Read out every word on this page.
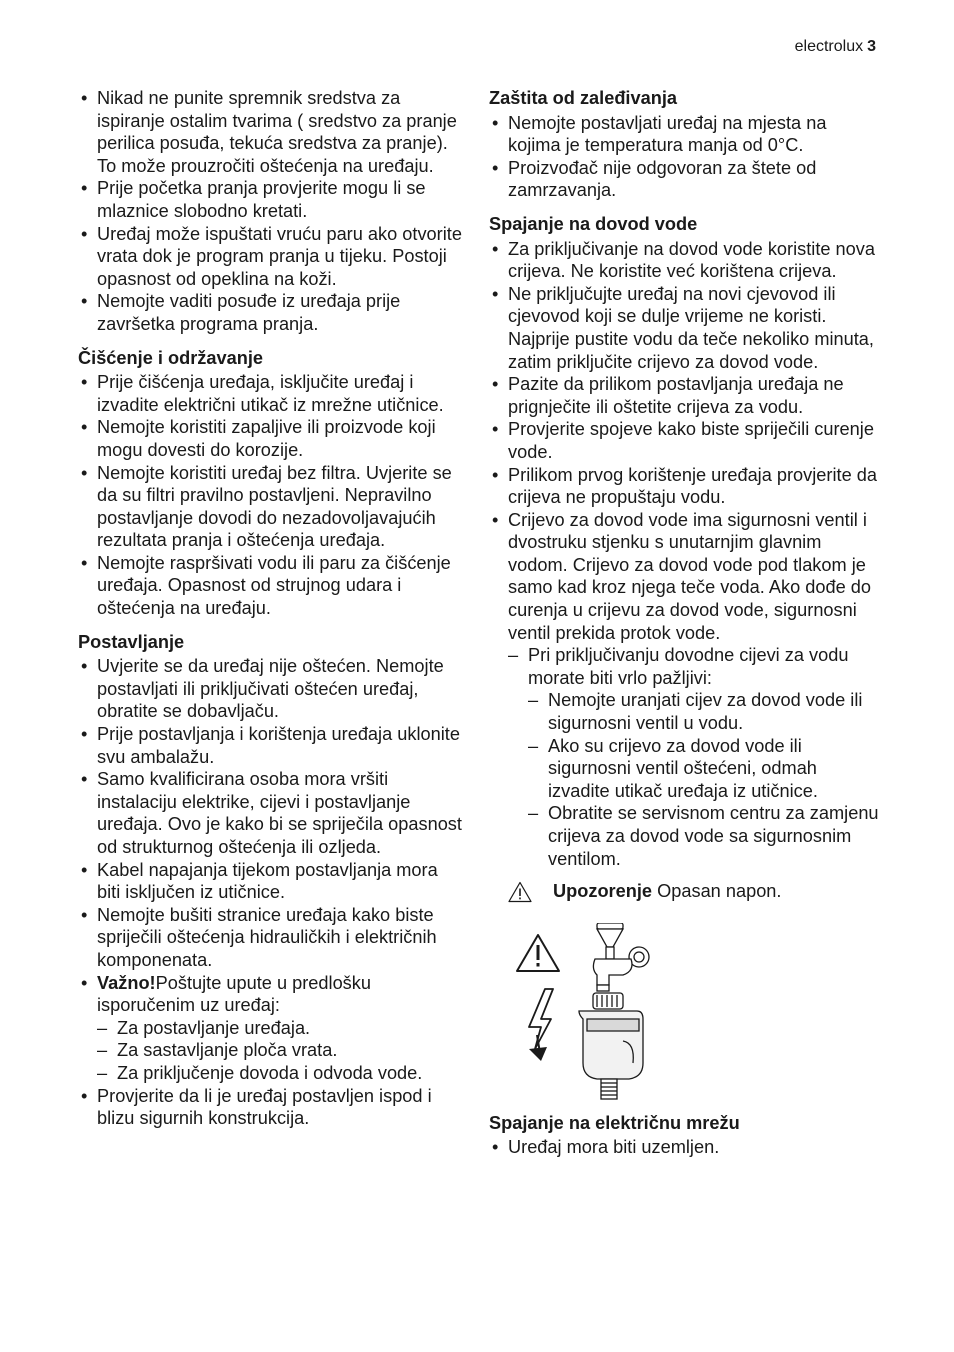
electrolux 3
• Nikad ne punite spremnik sredstva za ispiranje ostalim tvarima ( sredstvo za pranje perilica posuđa, tekuća sredstva za pranje). To može prouzročiti oštećenja na uređaju.
• Prije početka pranja provjerite mogu li se mlaznice slobodno kretati.
• Uređaj može ispuštati vruću paru ako otvorite vrata dok je program pranja u tijeku. Postoji opasnost od opeklina na koži.
• Nemojte vaditi posuđe iz uređaja prije završetka programa pranja.
Čišćenje i održavanje
• Prije čišćenja uređaja, isključite uređaj i izvadite električni utikač iz mrežne utičnice.
• Nemojte koristiti zapaljive ili proizvode koji mogu dovesti do korozije.
• Nemojte koristiti uređaj bez filtra. Uvjerite se da su filtri pravilno postavljeni. Nepravilno postavljanje dovodi do nezadovoljavajućih rezultata pranja i oštećenja uređaja.
• Nemojte raspršivati vodu ili paru za čišćenje uređaja. Opasnost od strujnog udara i oštećenja na uređaju.
Postavljanje
• Uvjerite se da uređaj nije oštećen. Nemojte postavljati ili priključivati oštećen uređaj, obratite se dobavljaču.
• Prije postavljanja i korištenja uređaja uklonite svu ambalažu.
• Samo kvalificirana osoba mora vršiti instalaciju elektrike, cijevi i postavljanje uređaja. Ovo je kako bi se spriječila opasnost od strukturnog oštećenja ili ozljeda.
• Kabel napajanja tijekom postavljanja mora biti isključen iz utičnice.
• Nemojte bušiti stranice uređaja kako biste spriječili oštećenja hidrauličkih i električnih komponenata.
• Važno!Poštujte upute u predlošku isporučenim uz uređaj:
– Za postavljanje uređaja.
– Za sastavljanje ploča vrata.
– Za priključenje dovoda i odvoda vode.
• Provjerite da li je uređaj postavljen ispod i blizu sigurnih konstrukcija.
Zaštita od zaleđivanja
• Nemojte postavljati uređaj na mjesta na kojima je temperatura manja od 0°C.
• Proizvođač nije odgovoran za štete od zamrzavanja.
Spajanje na dovod vode
• Za priključivanje na dovod vode koristite nova crijeva. Ne koristite već korištena crijeva.
• Ne priključujte uređaj na novi cjevovod ili cjevovod koji se dulje vrijeme ne koristi. Najprije pustite vodu da teče nekoliko minuta, zatim priključite crijevo za dovod vode.
• Pazite da prilikom postavljanja uređaja ne prignječite ili oštetite crijeva za vodu.
• Provjerite spojeve kako biste spriječili curenje vode.
• Prilikom prvog korištenje uređaja provjerite da crijeva ne propuštaju vodu.
• Crijevo za dovod vode ima sigurnosni ventil i dvostruku stjenku s unutarnjim glavnim vodom. Crijevo za dovod vode pod tlakom je samo kad kroz njega teče voda. Ako dođe do curenja u crijevu za dovod vode, sigurnosni ventil prekida protok vode.
– Pri priključivanju dovodne cijevi za vodu morate biti vrlo pažljivi:
– Nemojte uranjati cijev za dovod vode ili sigurnosni ventil u vodu.
– Ako su crijevo za dovod vode ili sigurnosni ventil oštećeni, odmah izvadite utikač uređaja iz utičnice.
– Obratite se servisnom centru za zamjenu crijeva za dovod vode sa sigurnosnim ventilom.
Upozorenje Opasan napon.
Spajanje na električnu mrežu
• Uređaj mora biti uzemljen.
